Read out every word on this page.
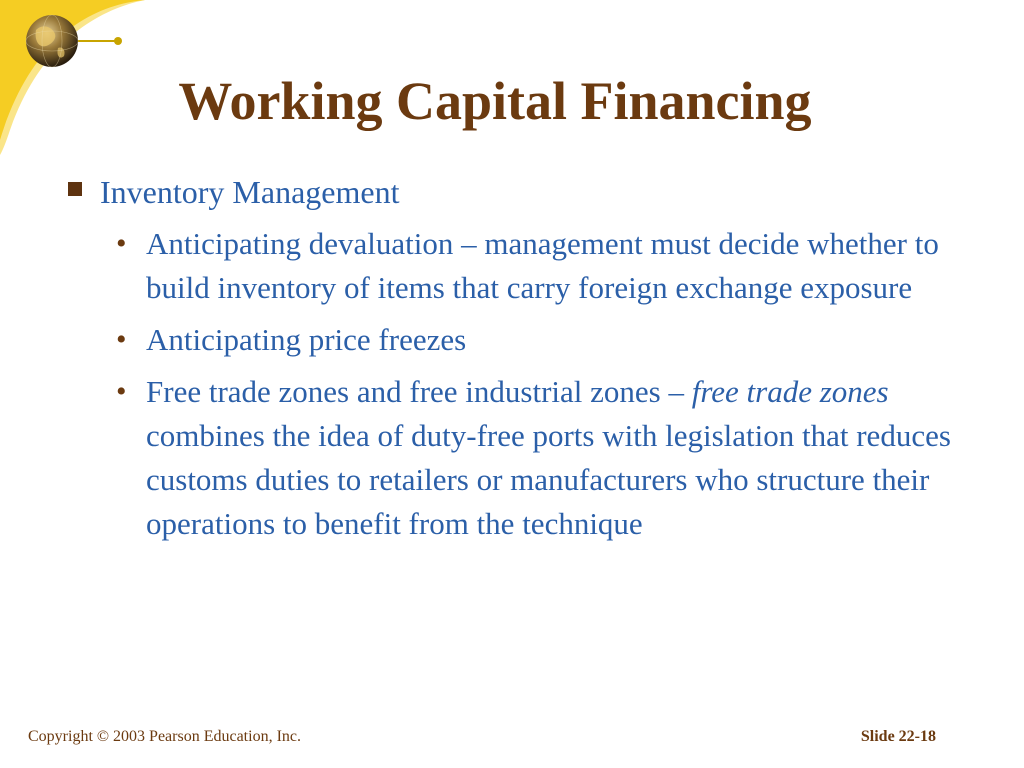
Working Capital Financing
Inventory Management
• Anticipating devaluation – management must decide whether to build inventory of items that carry foreign exchange exposure
• Anticipating price freezes
• Free trade zones and free industrial zones – free trade zones combines the idea of duty-free ports with legislation that reduces customs duties to retailers or manufacturers who structure their operations to benefit from the technique
Copyright © 2003 Pearson Education, Inc.	Slide 22-18
